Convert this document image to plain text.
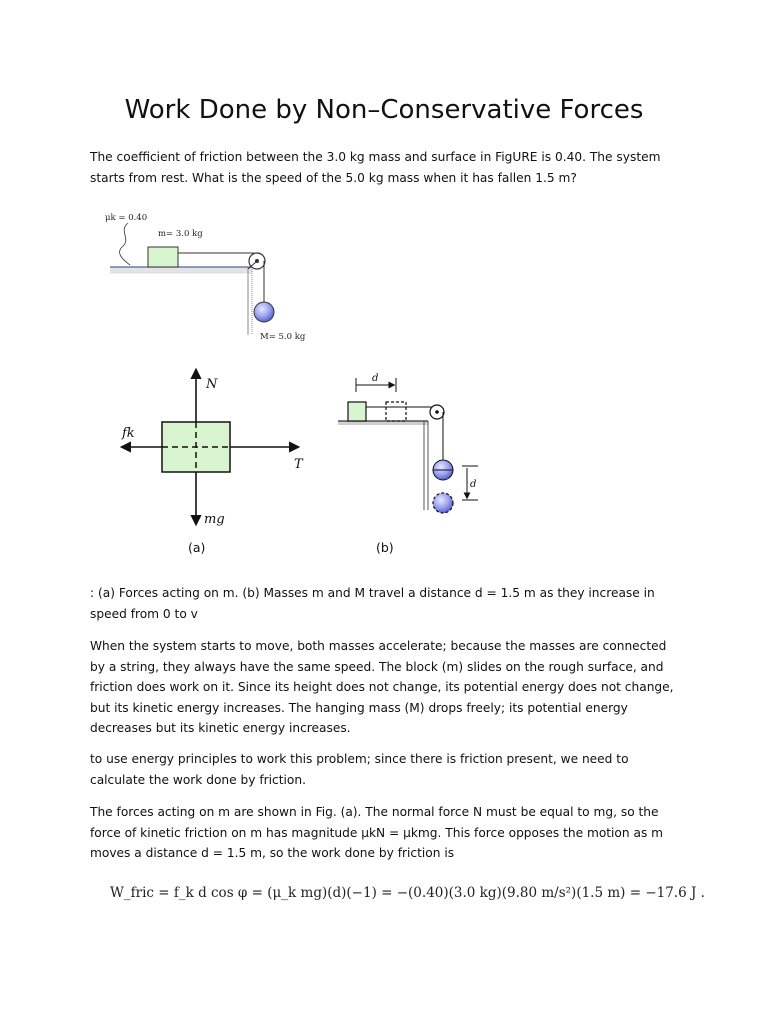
Work Done by Non–Conservative Forces
The coefficient of friction between the 3.0 kg mass and surface in FigURE is 0.40. The system starts from rest. What is the speed of the 5.0 kg mass when it has fallen 1.5 m?
μk = 0.40
m= 3.0 kg
M= 5.0 kg
N
fk
T
mg
(a)
d
d
(b)
: (a) Forces acting on m. (b) Masses m and M travel a distance d = 1.5 m as they increase in speed from 0 to v
When the system starts to move, both masses accelerate; because the masses are connected by a string, they always have the same speed. The block (m) slides on the rough surface, and friction does work on it. Since its height does not change, its potential energy does not change, but its kinetic energy increases. The hanging mass (M) drops freely; its potential energy decreases but its kinetic energy increases.
to use energy principles to work this problem; since there is friction present, we need to calculate the work done by friction.
The forces acting on m are shown in Fig. (a). The normal force N must be equal to mg, so the force of kinetic friction on m has magnitude µkN = µkmg. This force opposes the motion as m moves a distance d = 1.5 m, so the work done by friction is
W_fric = f_k d cos φ = (μ_k mg)(d)(−1) = −(0.40)(3.0 kg)(9.80 m/s²)(1.5 m) = −17.6 J .
